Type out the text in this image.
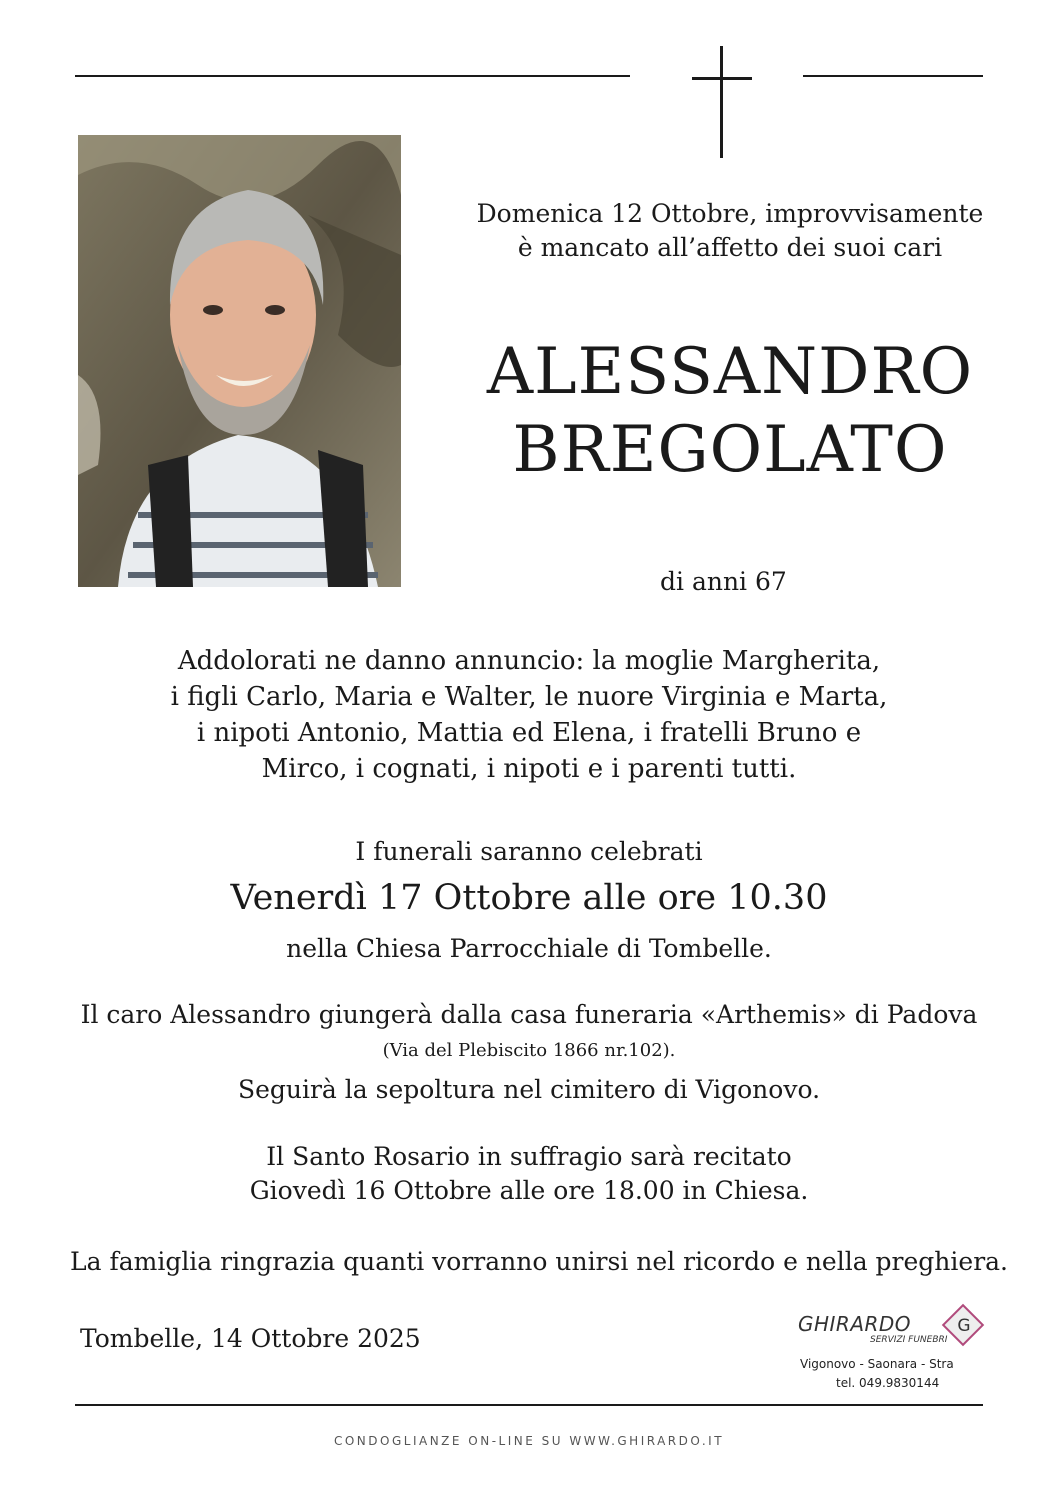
Domenica 12 Ottobre, improvvisamente
è mancato all’affetto dei suoi cari
ALESSANDRO
BREGOLATO
di anni 67
Addolorati ne danno annuncio: la moglie Margherita,
i figli Carlo, Maria e Walter, le nuore Virginia e Marta,
i nipoti Antonio, Mattia ed Elena, i fratelli Bruno e
Mirco, i cognati, i nipoti e i parenti tutti.
I funerali saranno celebrati
Venerdì 17 Ottobre alle ore 10.30
nella Chiesa Parrocchiale di Tombelle.
Il caro Alessandro giungerà dalla casa funeraria «Arthemis» di Padova
(Via del Plebiscito 1866 nr.102).
Seguirà la sepoltura nel cimitero di Vigonovo.
Il Santo Rosario in suffragio sarà recitato
Giovedì 16 Ottobre alle ore 18.00 in Chiesa.
La famiglia ringrazia quanti vorranno unirsi nel ricordo e nella preghiera.
Tombelle, 14 Ottobre 2025	GHIRARDO
SERVIZI FUNEBRI
G
Vigonovo - Saonara - Stra
tel. 049.9830144
CONDOGLIANZE ON-LINE SU WWW.GHIRARDO.IT
